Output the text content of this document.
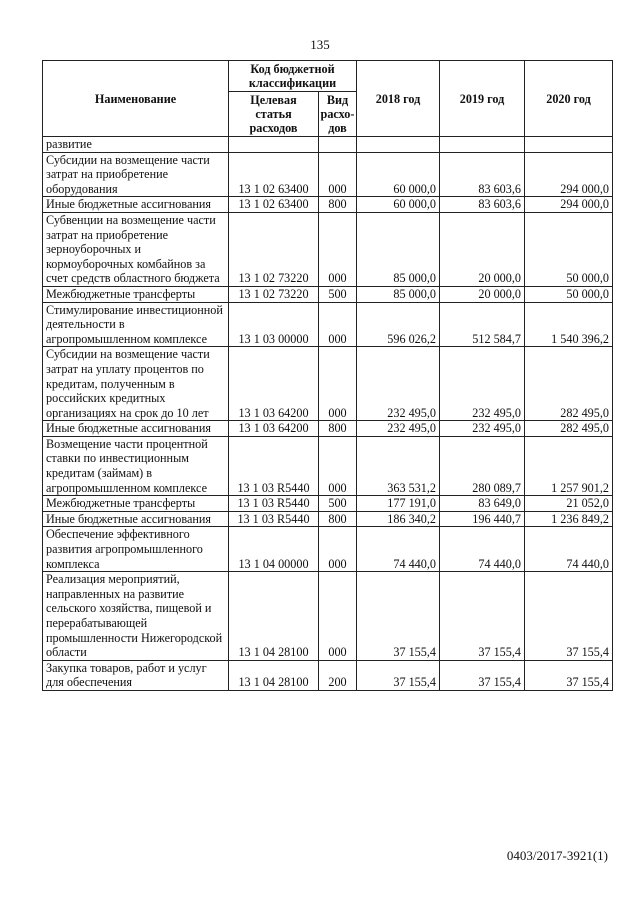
135
Наименование	Код бюджетной классификации		2018 год	2019 год	2020 год
	Целевая статья расходов	Вид расхо-дов			
развитие					
Субсидии на возмещение части затрат на приобретение оборудования	13 1 02 63400	000	60 000,0	83 603,6	294 000,0
Иные бюджетные ассигнования	13 1 02 63400	800	60 000,0	83 603,6	294 000,0
Субвенции на возмещение части затрат на приобретение зерноуборочных и кормоуборочных комбайнов за счет средств областного бюджета	13 1 02 73220	000	85 000,0	20 000,0	50 000,0
Межбюджетные трансферты	13 1 02 73220	500	85 000,0	20 000,0	50 000,0
Стимулирование инвестиционной деятельности в агропромышленном комплексе	13 1 03 00000	000	596 026,2	512 584,7	1 540 396,2
Субсидии на возмещение части затрат на уплату процентов по кредитам, полученным в российских кредитных организациях на срок до 10 лет	13 1 03 64200	000	232 495,0	232 495,0	282 495,0
Иные бюджетные ассигнования	13 1 03 64200	800	232 495,0	232 495,0	282 495,0
Возмещение части процентной ставки по инвестиционным кредитам (займам) в агропромышленном комплексе	13 1 03 R5440	000	363 531,2	280 089,7	1 257 901,2
Межбюджетные трансферты	13 1 03 R5440	500	177 191,0	83 649,0	21 052,0
Иные бюджетные ассигнования	13 1 03 R5440	800	186 340,2	196 440,7	1 236 849,2
Обеспечение эффективного развития агропромышленного комплекса	13 1 04 00000	000	74 440,0	74 440,0	74 440,0
Реализация мероприятий, направленных на развитие сельского хозяйства, пищевой и перерабатывающей промышленности Нижегородской области	13 1 04 28100	000	37 155,4	37 155,4	37 155,4
Закупка товаров, работ и услуг для обеспечения	13 1 04 28100	200	37 155,4	37 155,4	37 155,4
0403/2017-3921(1)
